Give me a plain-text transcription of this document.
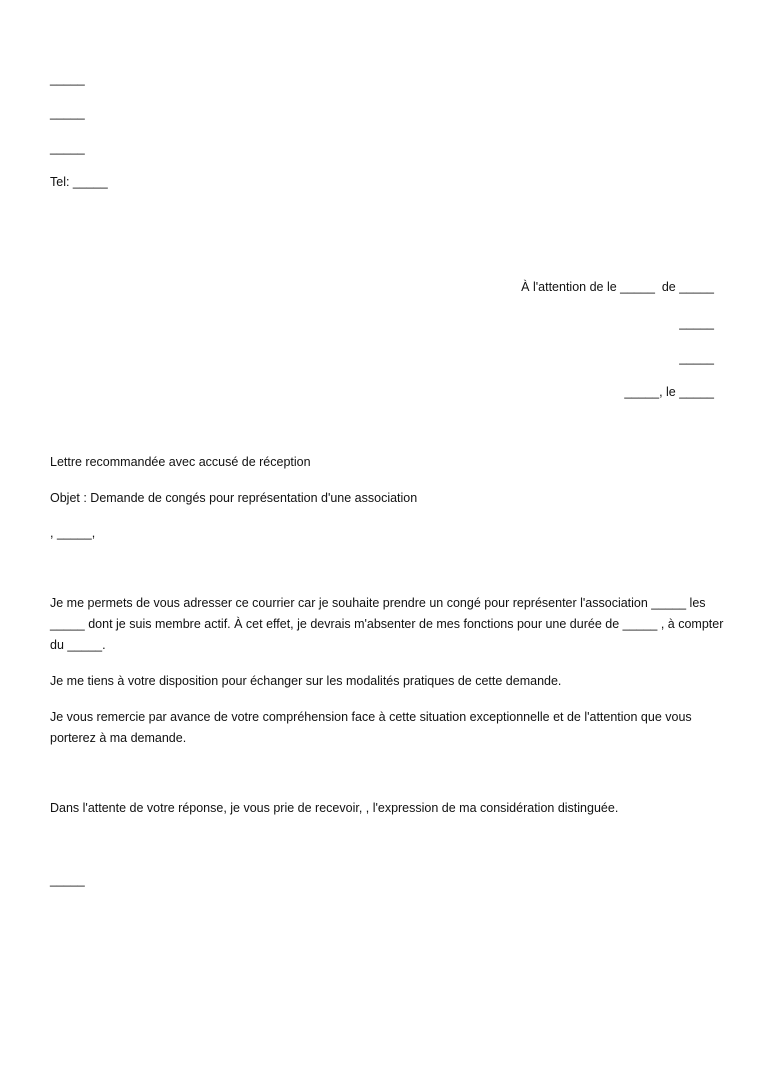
_____
_____
_____
Tel: _____
À l'attention de le _____  de _____
_____
_____
_____, le _____
Lettre recommandée avec accusé de réception
Objet : Demande de congés pour représentation d'une association
, _____,
Je me permets de vous adresser ce courrier car je souhaite prendre un congé pour représenter l'association _____ les _____ dont je suis membre actif. À cet effet, je devrais m'absenter de mes fonctions pour une durée de _____ , à compter du _____.
Je me tiens à votre disposition pour échanger sur les modalités pratiques de cette demande.
Je vous remercie par avance de votre compréhension face à cette situation exceptionnelle et de l'attention que vous porterez à ma demande.
Dans l'attente de votre réponse, je vous prie de recevoir, , l'expression de ma considération distinguée.
_____
